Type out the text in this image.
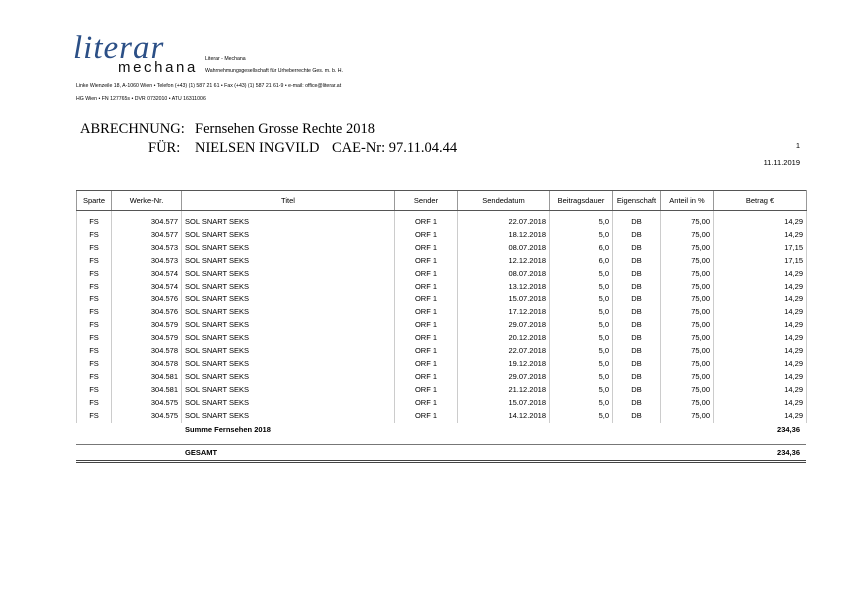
literar
mechana Literar - Mechana
Wahrnehmungsgesellschaft für Urheberrechte Ges. m. b. H.
Linke Wienzeile 18, A-1060 Wien • Telefon (+43) (1) 587 21 61 • Fax (+43) (1) 587 21 61-9 • e-mail: office@literar.at
HG Wien • FN 127765s • DVR 0732010 • ATU 16311006
ABRECHNUNG: Fernsehen Grosse Rechte 2018
FÜR: NIELSEN INGVILD CAE-Nr: 97.11.04.44	1
11.11.2019
Sparte	Werke-Nr.	Titel	Sender	Sendedatum	Beitragsdauer	Eigenschaft	Anteil in %	Betrag €

FS	304.577	SOL SNART SEKS	ORF 1	22.07.2018	5,0	DB	75,00	14,29
FS	304.577	SOL SNART SEKS	ORF 1	18.12.2018	5,0	DB	75,00	14,29
FS	304.573	SOL SNART SEKS	ORF 1	08.07.2018	6,0	DB	75,00	17,15
FS	304.573	SOL SNART SEKS	ORF 1	12.12.2018	6,0	DB	75,00	17,15
FS	304.574	SOL SNART SEKS	ORF 1	08.07.2018	5,0	DB	75,00	14,29
FS	304.574	SOL SNART SEKS	ORF 1	13.12.2018	5,0	DB	75,00	14,29
FS	304.576	SOL SNART SEKS	ORF 1	15.07.2018	5,0	DB	75,00	14,29
FS	304.576	SOL SNART SEKS	ORF 1	17.12.2018	5,0	DB	75,00	14,29
FS	304.579	SOL SNART SEKS	ORF 1	29.07.2018	5,0	DB	75,00	14,29
FS	304.579	SOL SNART SEKS	ORF 1	20.12.2018	5,0	DB	75,00	14,29
FS	304.578	SOL SNART SEKS	ORF 1	22.07.2018	5,0	DB	75,00	14,29
FS	304.578	SOL SNART SEKS	ORF 1	19.12.2018	5,0	DB	75,00	14,29
FS	304.581	SOL SNART SEKS	ORF 1	29.07.2018	5,0	DB	75,00	14,29
FS	304.581	SOL SNART SEKS	ORF 1	21.12.2018	5,0	DB	75,00	14,29
FS	304.575	SOL SNART SEKS	ORF 1	15.07.2018	5,0	DB	75,00	14,29
FS	304.575	SOL SNART SEKS	ORF 1	14.12.2018	5,0	DB	75,00	14,29
Summe Fernsehen 2018	234,36
GESAMT	234,36
